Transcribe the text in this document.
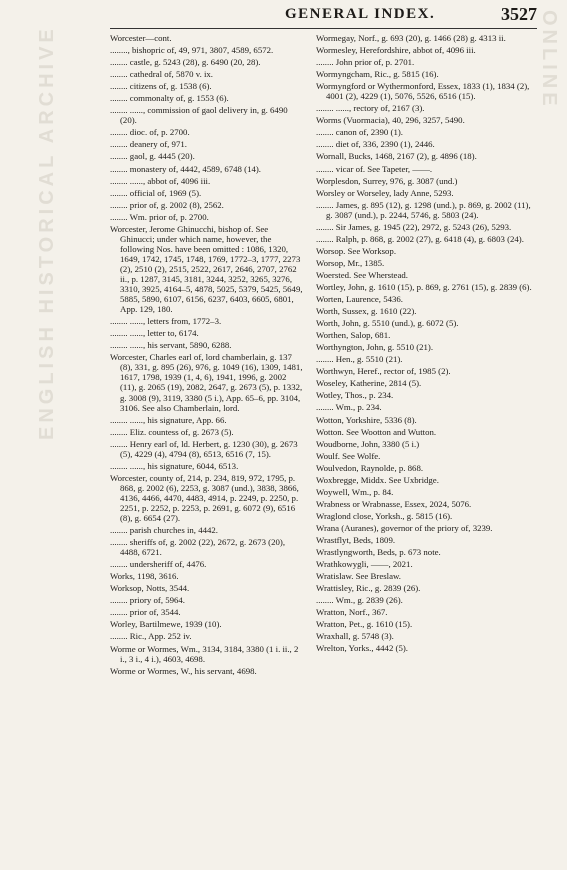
ENGLISH HISTORICAL ARCHIVE	ONLINE
GENERAL INDEX.	3527

Worcester—cont.

........, bishopric of, 49, 971, 3807, 4589, 6572.

........ castle, g. 5243 (28), g. 6490 (20, 28).

........ cathedral of, 5870 v. ix.

........ citizens of, g. 1538 (6).

........ commonalty of, g. 1553 (6).

........ ......, commission of gaol delivery in, g. 6490 (20).

........ dioc. of, p. 2700.

........ deanery of, 971.

........ gaol, g. 4445 (20).

........ monastery of, 4442, 4589, 6748 (14).

........ ......, abbot of, 4096 iii.

........ official of, 1969 (5).

........ prior of, g. 2002 (8), 2562.

........ Wm. prior of, p. 2700.

Worcester, Jerome Ghinucchi, bishop of. See Ghinucci; under which name, however, the following Nos. have been omitted : 1086, 1320, 1649, 1742, 1745, 1748, 1769, 1772–3, 1777, 2273 (2), 2510 (2), 2515, 2522, 2617, 2646, 2707, 2762 ii., p. 1287, 3145, 3181, 3244, 3252, 3265, 3276, 3310, 3925, 4164–5, 4878, 5025, 5379, 5425, 5649, 5885, 5890, 6107, 6156, 6237, 6403, 6605, 6801, App. 129, 180.

........ ......, letters from, 1772–3.

........ ......, letter to, 6174.

........ ......, his servant, 5890, 6288.

Worcester, Charles earl of, lord chamberlain, g. 137 (8), 331, g. 895 (26), 976, g. 1049 (16), 1309, 1481, 1617, 1798, 1939 (1, 4, 6), 1941, 1996, g. 2002 (11), g. 2065 (19), 2082, 2647, g. 2673 (5), p. 1332, g. 3008 (9), 3119, 3380 (5 i.), App. 65–6, pp. 3104, 3106. See also Chamberlain, lord.

........ ......, his signature, App. 66.

........ Eliz. countess of, g. 2673 (5).

........ Henry earl of, ld. Herbert, g. 1230 (30), g. 2673 (5), 4229 (4), 4794 (8), 6513, 6516 (7, 15).

........ ......, his signature, 6044, 6513.

Worcester, county of, 214, p. 234, 819, 972, 1795, p. 868, g. 2002 (6), 2253, g. 3087 (und.), 3838, 3866, 4136, 4466, 4470, 4483, 4914, p. 2249, p. 2250, p. 2251, p. 2252, p. 2253, p. 2691, g. 6072 (9), 6516 (8), g. 6654 (27).

........ parish churches in, 4442.

........ sheriffs of, g. 2002 (22), 2672, g. 2673 (20), 4488, 6721.

........ undersheriff of, 4476.

Works, 1198, 3616.

Worksop, Notts, 3544.

........ priory of, 5964.

........ prior of, 3544.

Worley, Bartilmewe, 1939 (10).

........ Ric., App. 252 iv.

Worme or Wormes, Wm., 3134, 3184, 3380 (1 i. ii., 2 i., 3 i., 4 i.), 4603, 4698.

Worme or Wormes, W., his servant, 4698.

Wormegay, Norf., g. 693 (20), g. 1466 (28) g. 4313 ii.

Wormesley, Herefordshire, abbot of, 4096 iii.

........ John prior of, p. 2701.

Wormyngcham, Ric., g. 5815 (16).

Wormyngford or Wythermonford, Essex, 1833 (1), 1834 (2), 4001 (2), 4229 (1), 5076, 5526, 6516 (15).

........ ......, rectory of, 2167 (3).

Worms (Vuormacia), 40, 296, 3257, 5490.

........ canon of, 2390 (1).

........ diet of, 336, 2390 (1), 2446.

Wornall, Bucks, 1468, 2167 (2), g. 4896 (18).

........ vicar of. See Tapeter, ——.

Worplesdon, Surrey, 976, g. 3087 (und.)

Worsley or Worseley, lady Anne, 5293.

........ James, g. 895 (12), g. 1298 (und.), p. 869, g. 2002 (11), g. 3087 (und.), p. 2244, 5746, g. 5803 (24).

........ Sir James, g. 1945 (22), 2972, g. 5243 (26), 5293.

........ Ralph, p. 868, g. 2002 (27), g. 6418 (4), g. 6803 (24).

Worsop. See Worksop.

Worsop, Mr., 1385.

Woersted. See Wherstead.

Wortley, John, g. 1610 (15), p. 869, g. 2761 (15), g. 2839 (6).

Worten, Laurence, 5436.

Worth, Sussex, g. 1610 (22).

Worth, John, g. 5510 (und.), g. 6072 (5).

Worthen, Salop, 681.

Worthyngton, John, g. 5510 (21).

........ Hen., g. 5510 (21).

Worthwyn, Heref., rector of, 1985 (2).

Woseley, Katherine, 2814 (5).

Wotley, Thos., p. 234.

........ Wm., p. 234.

Wotton, Yorkshire, 5336 (8).

Wotton. See Wootton and Wutton.

Woudborne, John, 3380 (5 i.)

Woulf. See Wolfe.

Woulvedon, Raynolde, p. 868.

Woxbregge, Middx. See Uxbridge.

Woywell, Wm., p. 84.

Wrabness or Wrabnasse, Essex, 2024, 5076.

Wraglond close, Yorksh., g. 5815 (16).

Wrana (Auranes), governor of the priory of, 3239.

Wrastflyt, Beds, 1809.

Wrastlyngworth, Beds, p. 673 note.

Wrathkowygli, ——, 2021.

Wratislaw. See Breslaw.

Wrattisley, Ric., g. 2839 (26).

........ Wm., g. 2839 (26).

Wratton, Norf., 367.

Wratton, Pet., g. 1610 (15).

Wraxhall, g. 5748 (3).

Wrelton, Yorks., 4442 (5).
